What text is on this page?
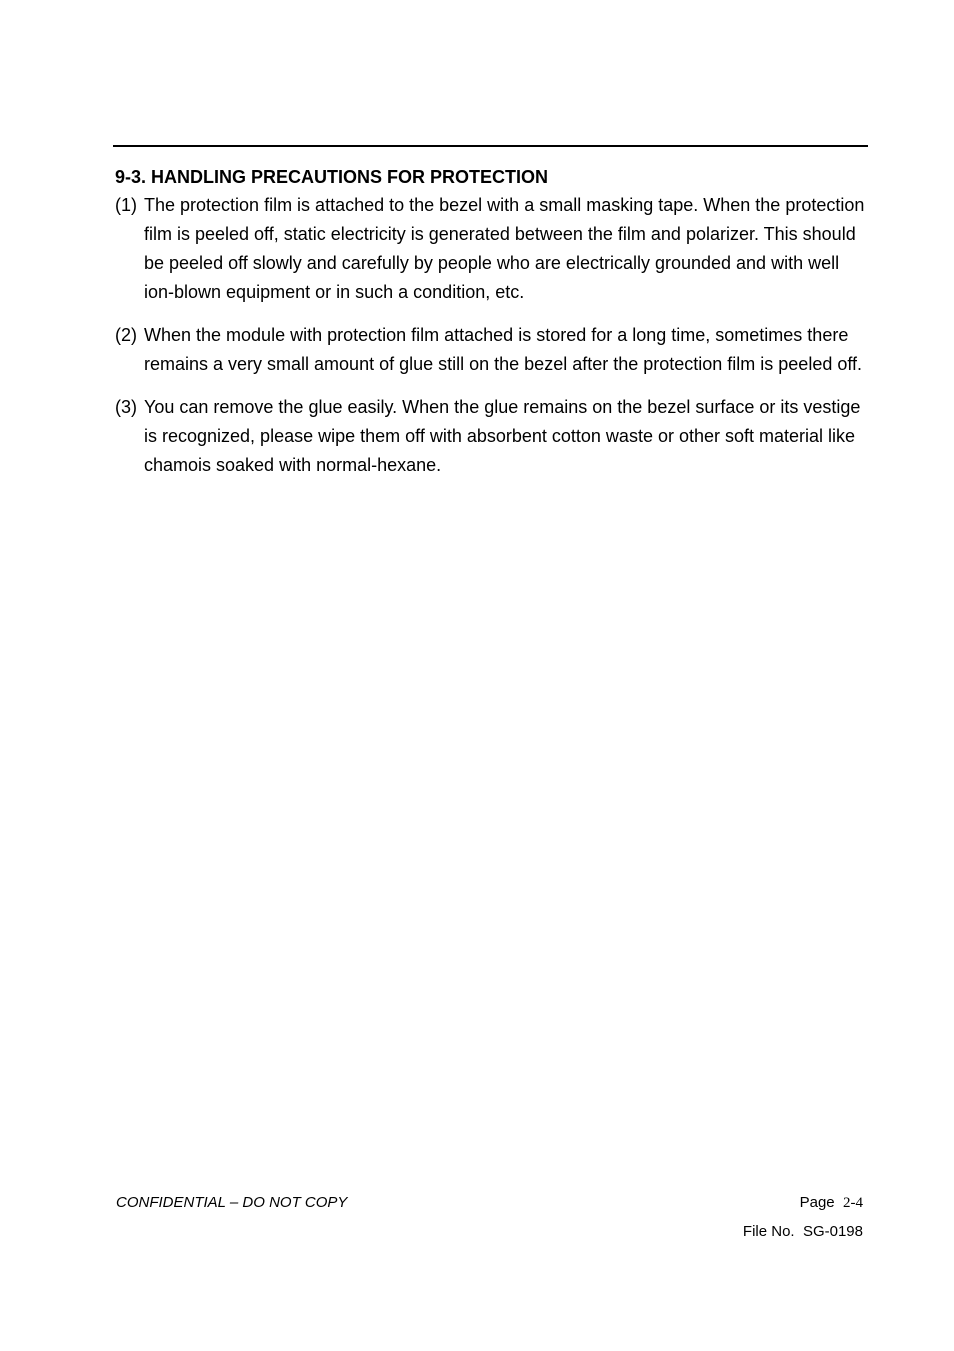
9-3. HANDLING PRECAUTIONS FOR PROTECTION
(1) The protection film is attached to the bezel with a small masking tape. When the protection film is peeled off, static electricity is generated between the film and polarizer. This should be peeled off slowly and carefully by people who are electrically grounded and with well ion-blown equipment or in such a condition, etc.
(2) When the module with protection film attached is stored for a long time, sometimes there remains a very small amount of glue still on the bezel after the protection film is peeled off.
(3) You can remove the glue easily. When the glue remains on the bezel surface or its vestige is recognized, please wipe them off with absorbent cotton waste or other soft material like chamois soaked with normal-hexane.
CONFIDENTIAL – DO NOT COPY	Page 2-4
File No. SG-0198
